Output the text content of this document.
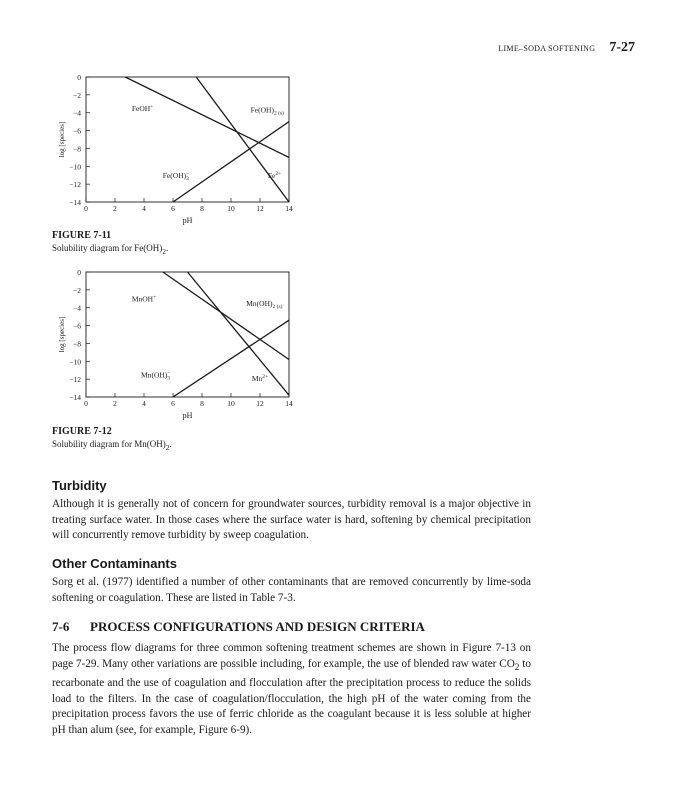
LIME–SODA SOFTENING 7-27
0
−2
−4
−6
−8
−10
−12
−14
0	2	4	6	8	10	12	14
pH
log [species]
FeOH+	$Fe(OH)_{2 (s)}$
$Fe(OH)_3-$	$Fe^{2+}$
FIGURE 7-11
Solubility diagram for $Fe(OH)_2$.
0
−2
−4
−6
−8
−10
−12
−14
0	2	4	6	8	10	12	14
pH
log [species]
MnOH+
$Mn(OH)_{2 (s)}$
$Mn(OH)_3-$
$Mn^{2+}$
FIGURE 7-12
Solubility diagram for $Mn(OH)_2$.
Turbidity

Although it is generally not of concern for groundwater sources, turbidity removal is a major objective in treating surface water. In those cases where the surface water is hard, softening by chemical precipitation will concurrently remove turbidity by sweep coagulation.

Other Contaminants

Sorg et al. (1977) identified a number of other contaminants that are removed concurrently by lime-soda softening or coagulation. These are listed in Table 7-3.

7-6 PROCESS CONFIGURATIONS AND DESIGN CRITERIA

The process flow diagrams for three common softening treatment schemes are shown in Figure 7-13 on page 7-29. Many other variations are possible including, for example, the use of blended raw water $CO_2$ to recarbonate and the use of coagulation and flocculation after the precipitation process to reduce the solids load to the filters. In the case of coagulation/flocculation, the high pH of the water coming from the precipitation process favors the use of ferric chloride as the coagulant because it is less soluble at higher pH than alum (see, for example, Figure 6-9).
